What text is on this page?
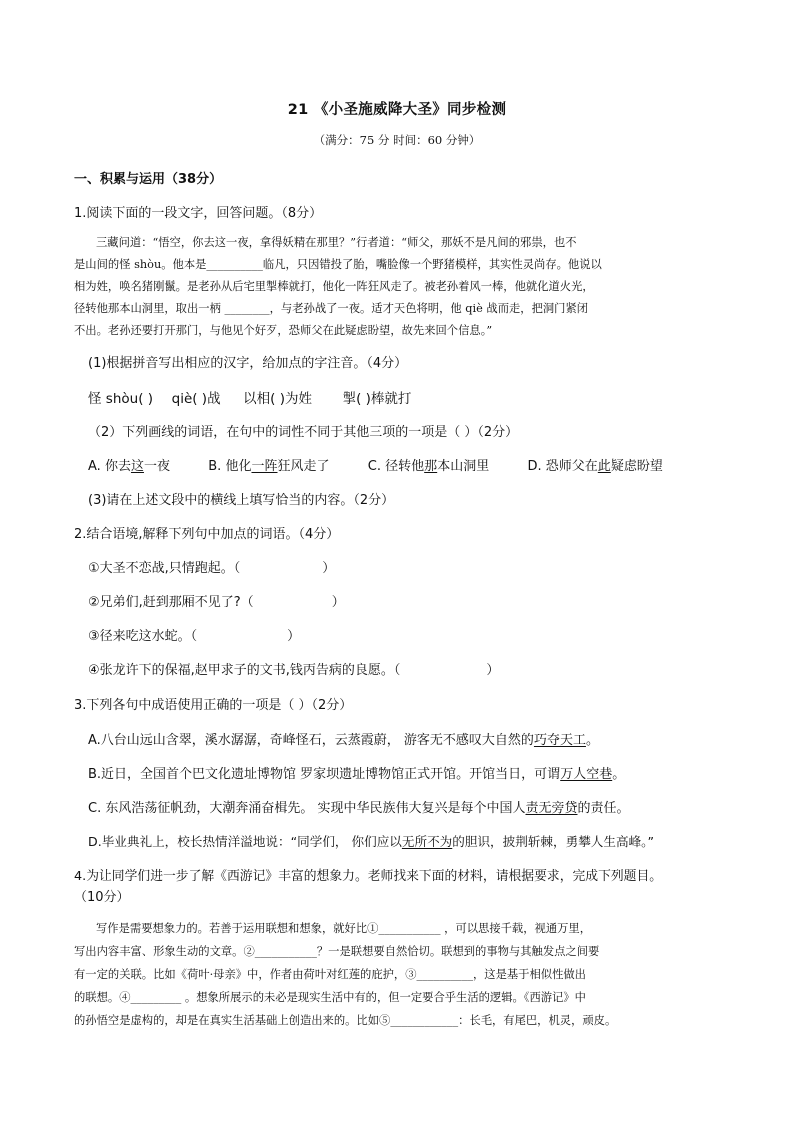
21 《小圣施威降大圣》同步检测
（满分：75 分 时间：60 分钟）
一、积累与运用（38分）
1.阅读下面的一段文字，回答问题。（8分）
三藏问道：“悟空，你去这一夜，拿得妖精在那里？”行者道：“师父，那妖不是凡间的邪祟，也不
是山间的怪 shòu。他本是__________临凡，只因错投了胎，嘴脸像一个野猪模样，其实性灵尚存。他说以
相为姓，唤名猪刚鬣。是老孙从后宅里掣棒就打，他化一阵狂风走了。被老孙着风一棒，他就化道火光，
径转他那本山洞里，取出一柄 ________，与老孙战了一夜。适才天色将明，他 qiè 战而走，把洞门紧闭
不出。老孙还要打开那门，与他见个好歹，恐师父在此疑虑盼望，故先来回个信息。”
(1)根据拼音写出相应的汉字，给加点的字注音。（4分）
怪 shòu( ) qiè( )战 以相( )为姓 掣( )棒就打
（2）下列画线的词语，在句中的词性不同于其他三项的一项是（ ）（2分）
A. 你去这一夜	B. 他化一阵狂风走了	C. 径转他那本山洞里	D. 恐师父在此疑虑盼望
(3)请在上述文段中的横线上填写恰当的内容。（2分）
2.结合语境,解释下列句中加点的词语。（4分）
①大圣不恋战,只情跑起。（	）
②兄弟们,赶到那厢不见了?（	）
③径来吃这水蛇。（	）
④张龙许下的保福,赵甲求子的文书,钱丙告病的良愿。（	）
3.下列各句中成语使用正确的一项是（ ）（2分）
A.八台山远山含翠，溪水潺潺，奇峰怪石，云蒸霞蔚， 游客无不感叹大自然的巧夺天工。
B.近日，全国首个巴文化遗址博物馆 罗家坝遗址博物馆正式开馆。开馆当日，可谓万人空巷。
C. 东风浩荡征帆劲，大潮奔涌奋楫先。 实现中华民族伟大复兴是每个中国人责无旁贷的责任。
D.毕业典礼上，校长热情洋溢地说：“同学们， 你们应以无所不为的胆识，披荆斩棘，勇攀人生高峰。”
4.为让同学们进一步了解《西游记》丰富的想象力。老师找来下面的材料，请根据要求，完成下列题目。
（10分）
写作是需要想象力的。若善于运用联想和想象，就好比①___________ ，可以思接千载，视通万里，
写出内容丰富、形象生动的文章。②___________？一是联想要自然恰切。联想到的事物与其触发点之间要
有一定的关联。比如《荷叶·母亲》中，作者由荷叶对红莲的庇护，③__________，这是基于相似性做出
的联想。④_________ 。想象所展示的未必是现实生活中有的，但一定要合乎生活的逻辑。《西游记》中
的孙悟空是虚构的，却是在真实生活基础上创造出来的。比如⑤____________：长毛，有尾巴，机灵，顽皮。
